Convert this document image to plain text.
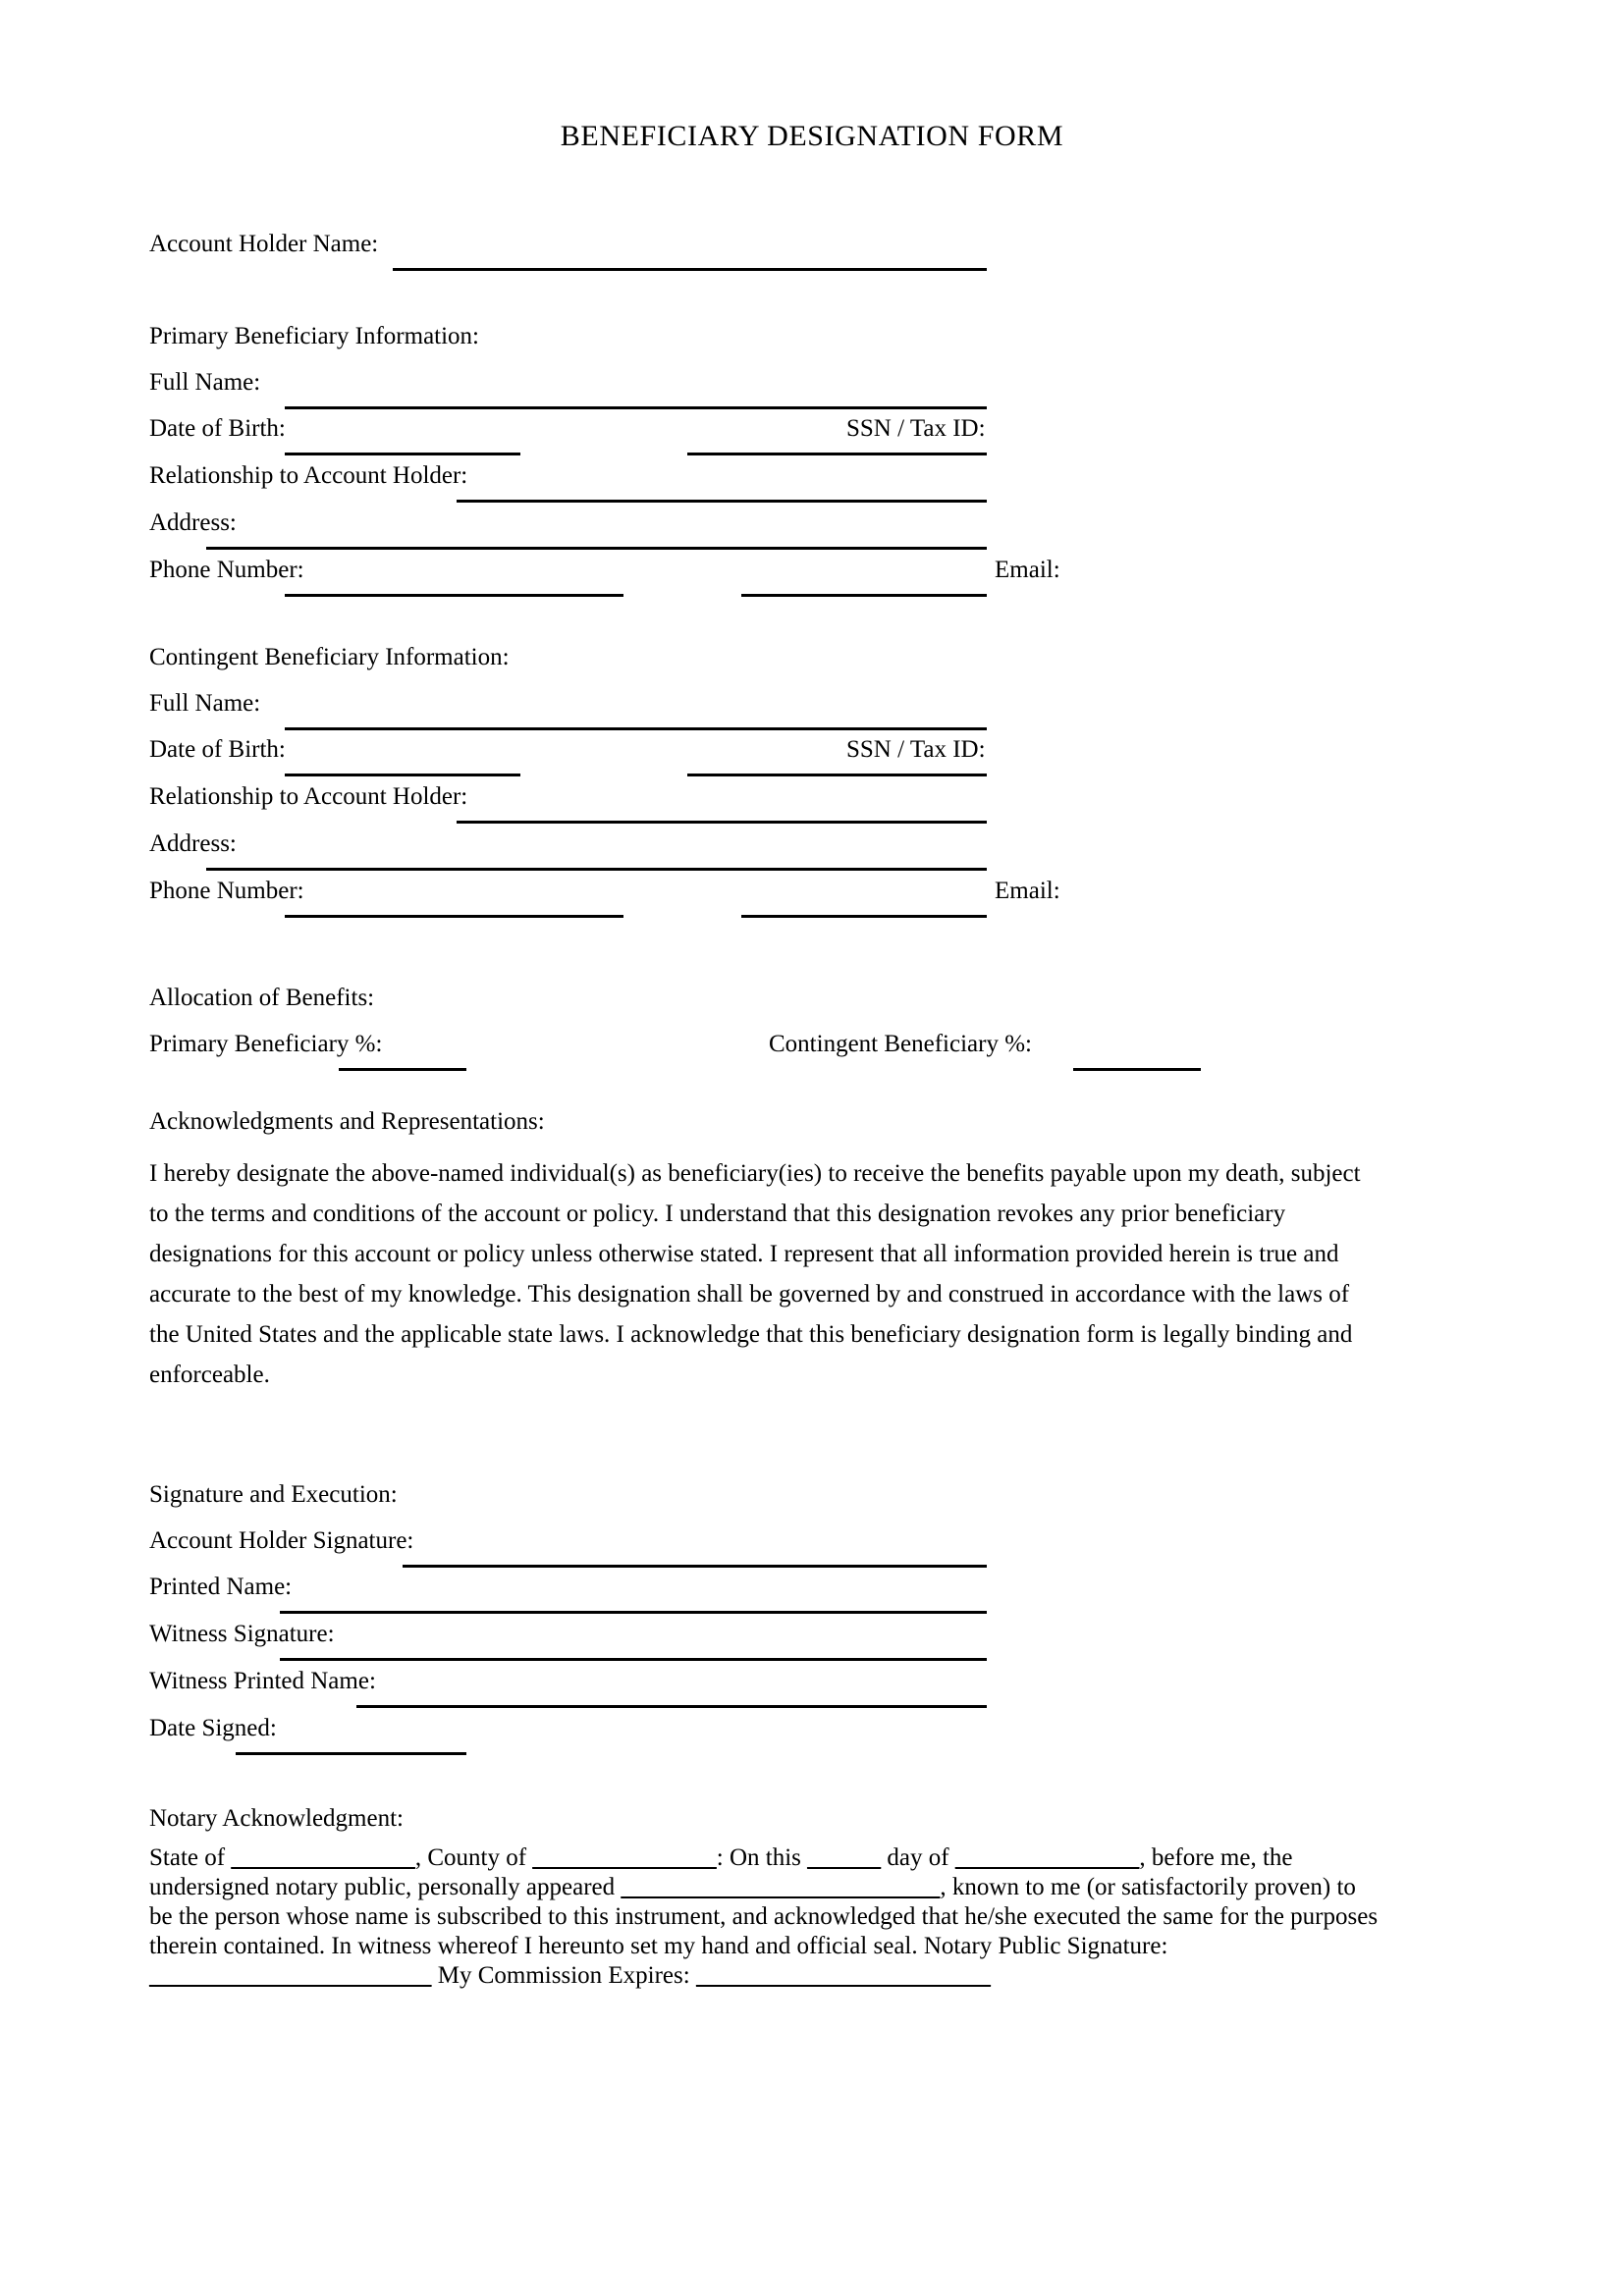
BENEFICIARY DESIGNATION FORM
Account Holder Name:
Primary Beneficiary Information:
Full Name:
Date of Birth:	SSN / Tax ID:
Relationship to Account Holder:
Address:
Phone Number:	Email:
Contingent Beneficiary Information:
Full Name:
Date of Birth:	SSN / Tax ID:
Relationship to Account Holder:
Address:
Phone Number:	Email:
Allocation of Benefits:
Primary Beneficiary %:	Contingent Beneficiary %:
Acknowledgments and Representations:
I hereby designate the above-named individual(s) as beneficiary(ies) to receive the benefits payable upon my death, subject to the terms and conditions of the account or policy. I understand that this designation revokes any prior beneficiary designations for this account or policy unless otherwise stated. I represent that all information provided herein is true and accurate to the best of my knowledge. This designation shall be governed by and construed in accordance with the laws of the United States and the applicable state laws. I acknowledge that this beneficiary designation form is legally binding and enforceable.
Signature and Execution:
Account Holder Signature:
Printed Name:
Witness Signature:
Witness Printed Name:
Date Signed:
Notary Acknowledgment:
State of _______________, County of _______________: On this ______ day of _______________, before me, the undersigned notary public, personally appeared __________________________, known to me (or satisfactorily proven) to be the person whose name is subscribed to this instrument, and acknowledged that he/she executed the same for the purposes therein contained. In witness whereof I hereunto set my hand and official seal. Notary Public Signature: _______________________ My Commission Expires: ________________________
